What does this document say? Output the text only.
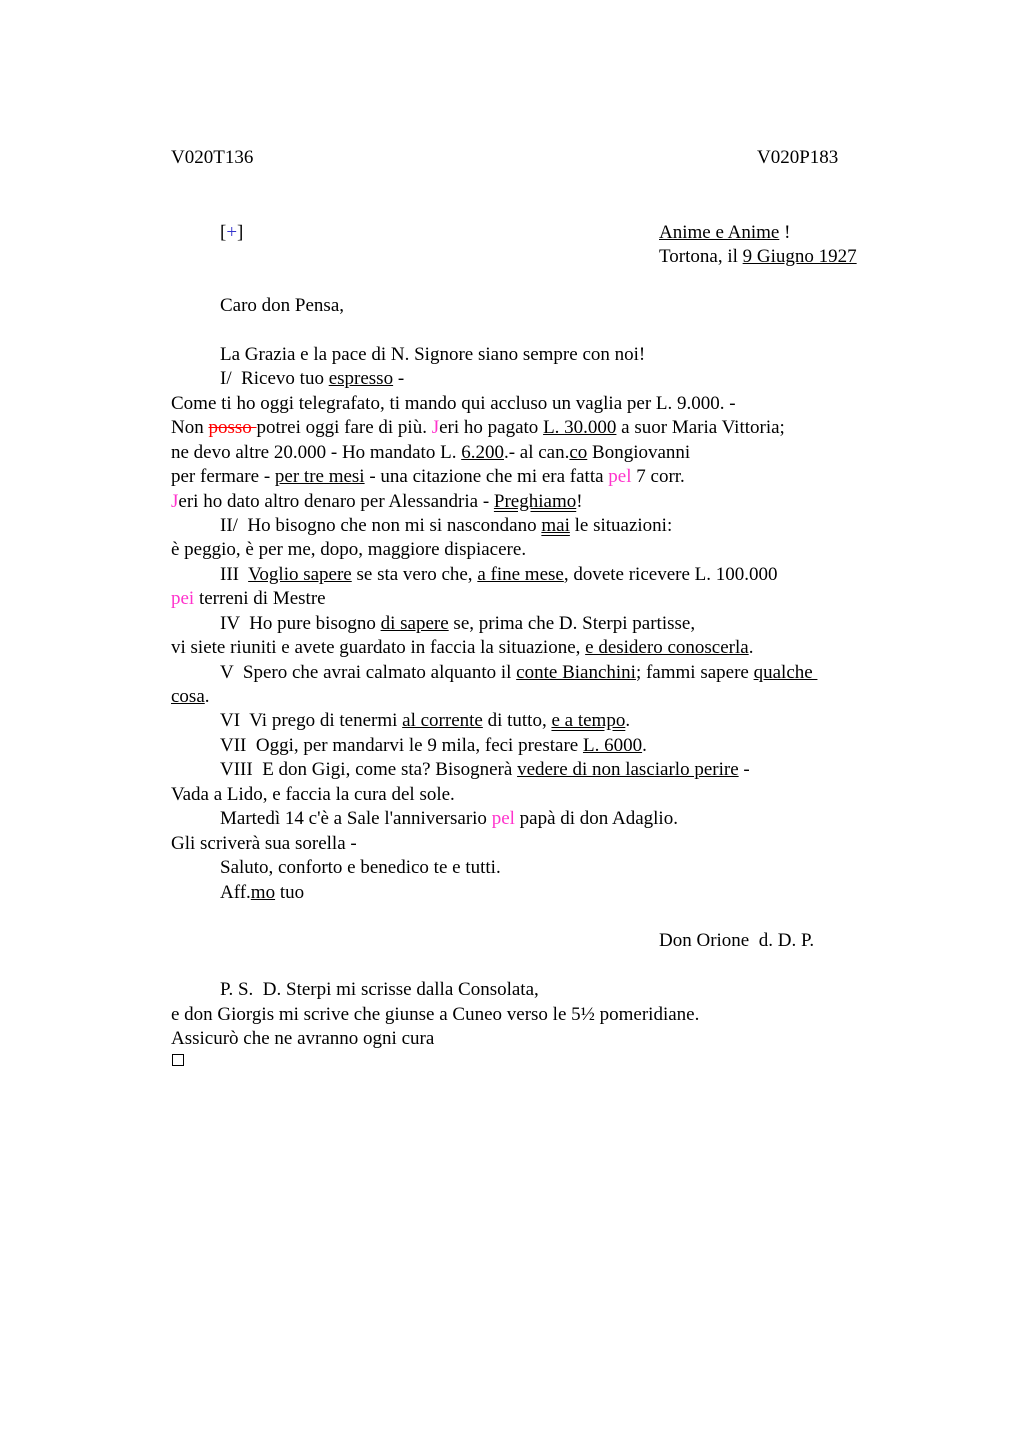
V020T136	V020P183
[+]	Anime e Anime !
Tortona, il 9 Giugno 1927
Caro don Pensa,
La Grazia e la pace di N. Signore siano sempre con noi!
I/  Ricevo tuo espresso -
Come ti ho oggi telegrafato, ti mando qui accluso un vaglia per L. 9.000. -
Non posso potrei oggi fare di più. Jeri ho pagato L. 30.000 a suor Maria Vittoria;
ne devo altre 20.000 - Ho mandato L. 6.200.- al can.co Bongiovanni
per fermare - per tre mesi - una citazione che mi era fatta pel 7 corr.
Jeri ho dato altro denaro per Alessandria - Preghiamo!
II/  Ho bisogno che non mi si nascondano mai le situazioni:
è peggio, è per me, dopo, maggiore dispiacere.
III  Voglio sapere se sta vero che, a fine mese, dovete ricevere L. 100.000
pei terreni di Mestre
IV  Ho pure bisogno di sapere se, prima che D. Sterpi partisse,
vi siete riuniti e avete guardato in faccia la situazione, e desidero conoscerla.
V  Spero che avrai calmato alquanto il conte Bianchini; fammi sapere qualche
cosa.
VI  Vi prego di tenermi al corrente di tutto, e a tempo.
VII  Oggi, per mandarvi le 9 mila, feci prestare L. 6000.
VIII  E don Gigi, come sta? Bisognerà vedere di non lasciarlo perire -
Vada a Lido, e faccia la cura del sole.
Martedì 14 c'è a Sale l'anniversario pel papà di don Adaglio.
Gli scriverà sua sorella -
Saluto, conforto e benedico te e tutti.
Aff.mo tuo
Don Orione  d. D. P.
P. S.  D. Sterpi mi scrisse dalla Consolata,
e don Giorgis mi scrive che giunse a Cuneo verso le 5½ pomeridiane.
Assicurò che ne avranno ogni cura
